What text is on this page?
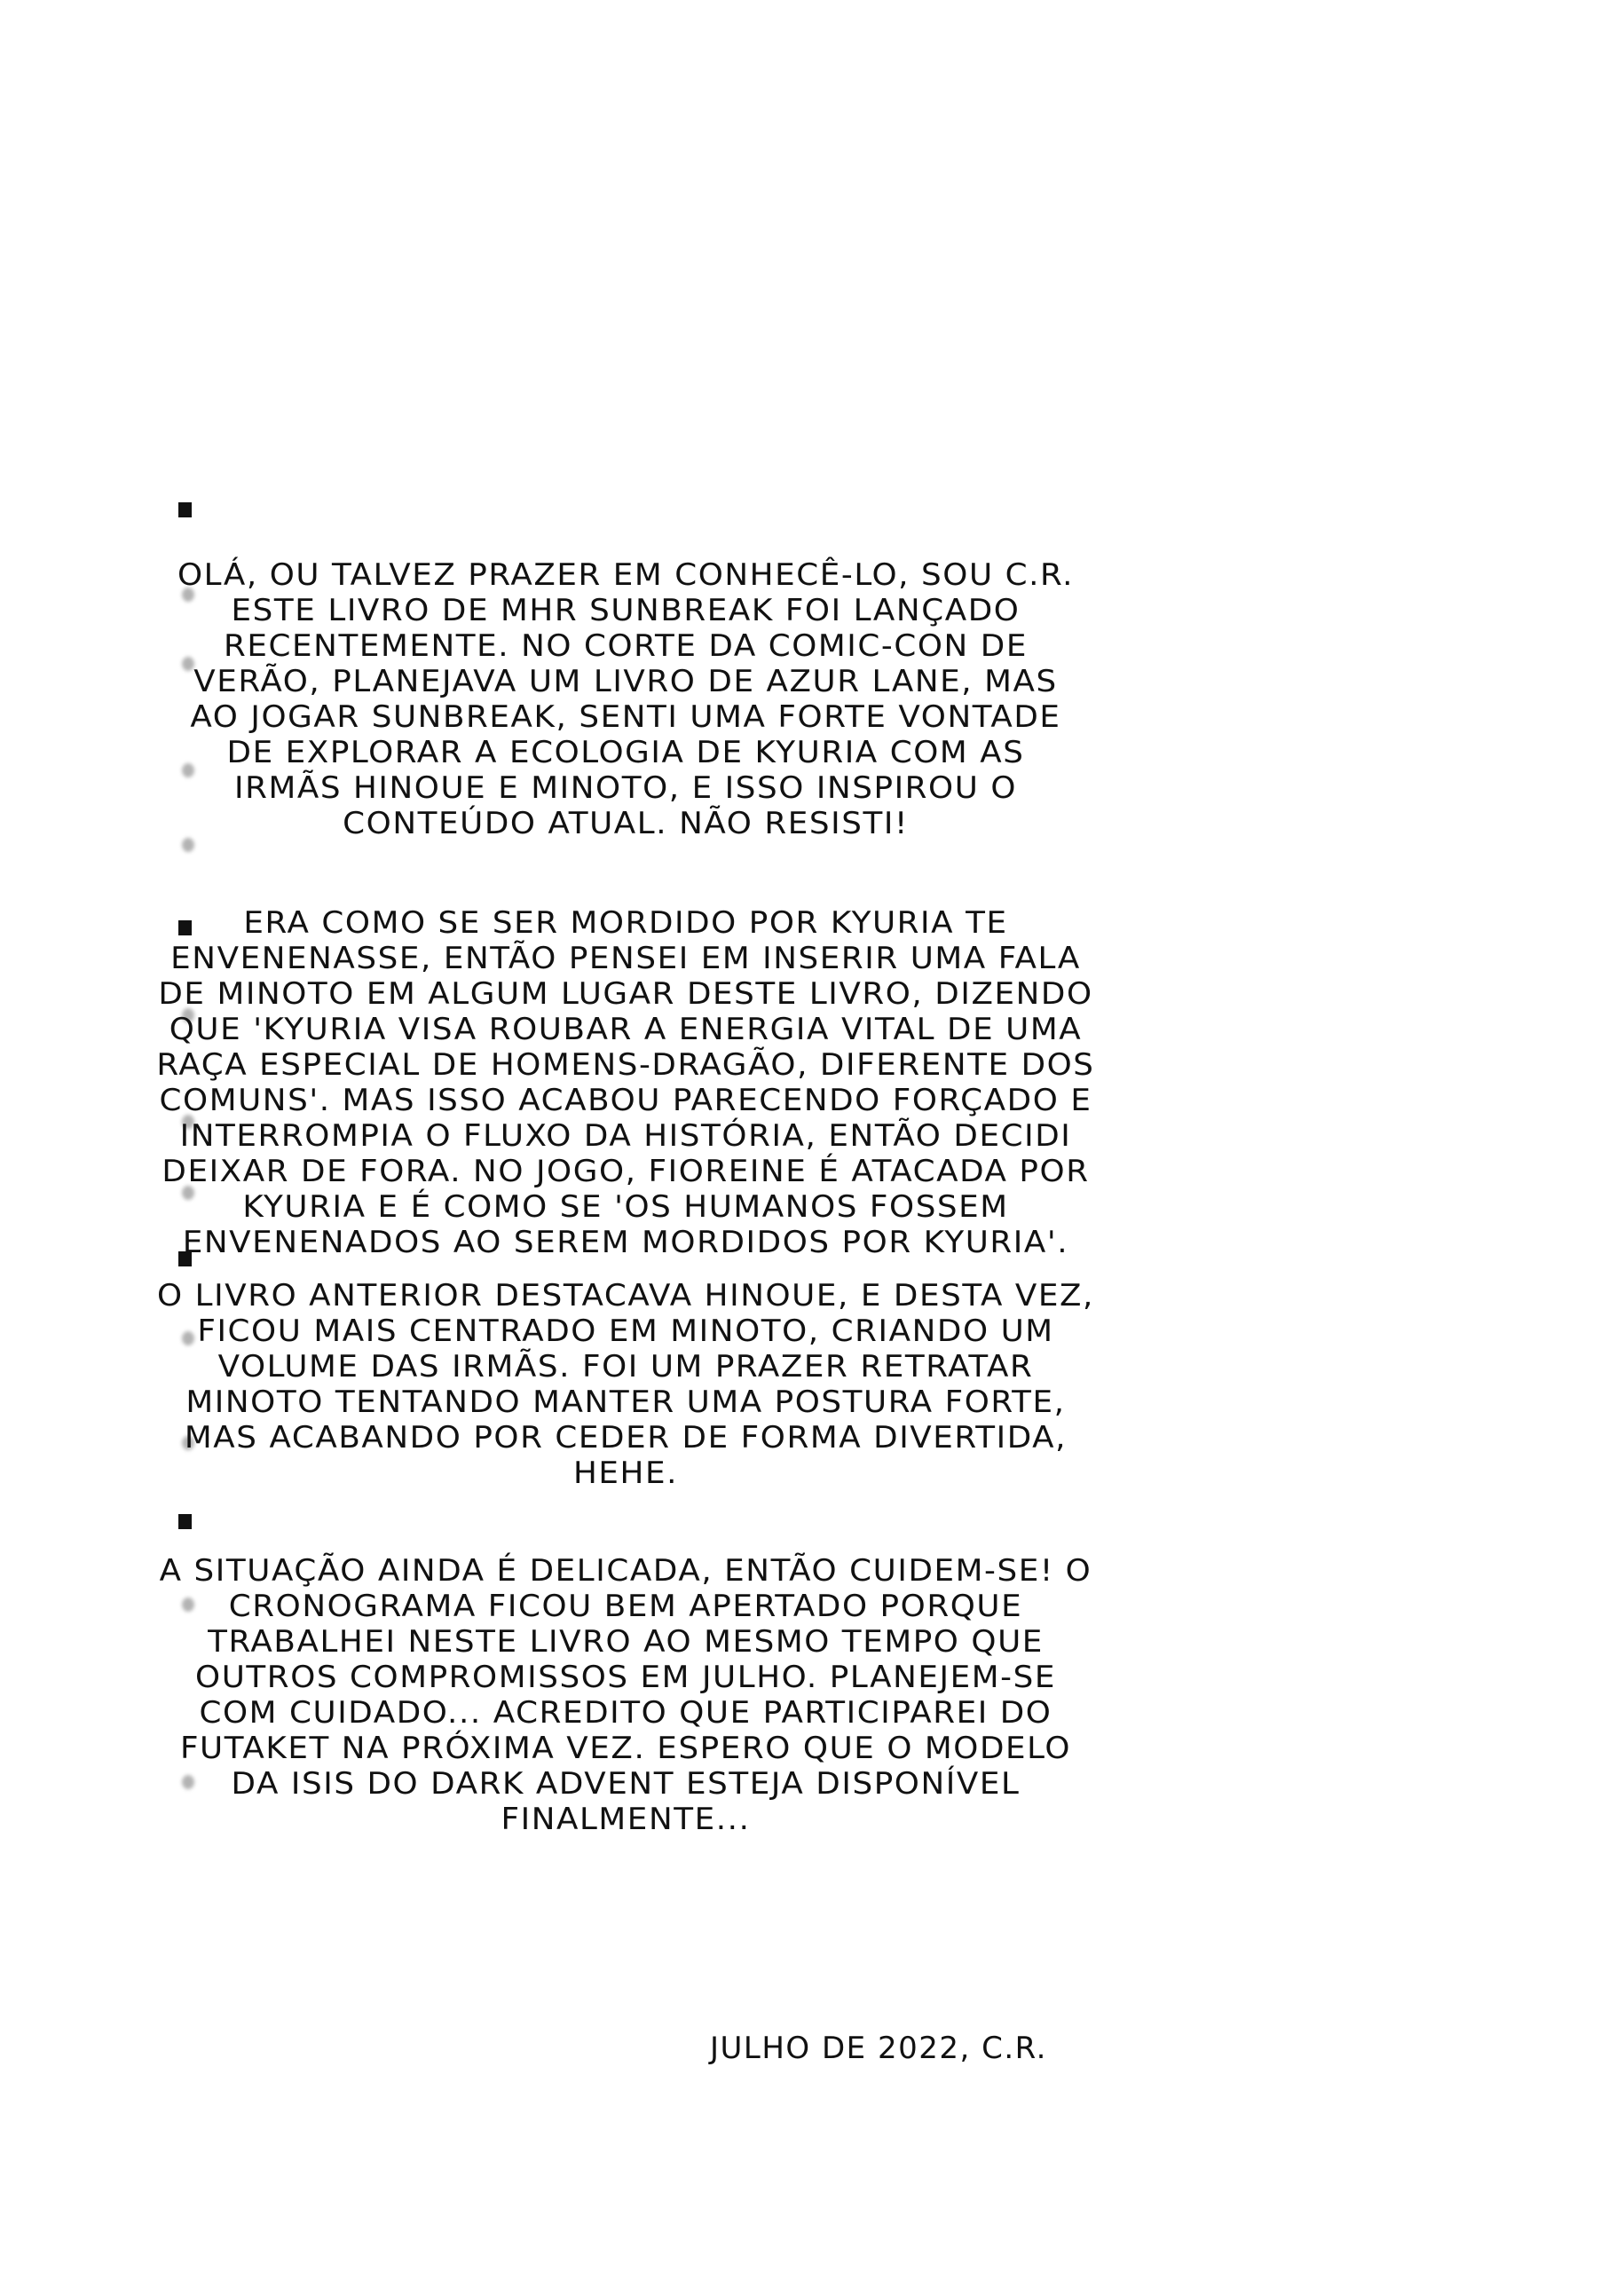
OLÁ, OU TALVEZ PRAZER EM CONHECÊ-LO, SOU C.R.
ESTE LIVRO DE MHR SUNBREAK FOI LANÇADO
RECENTEMENTE. NO CORTE DA COMIC-CON DE
VERÃO, PLANEJAVA UM LIVRO DE AZUR LANE, MAS
AO JOGAR SUNBREAK, SENTI UMA FORTE VONTADE
DE EXPLORAR A ECOLOGIA DE KYURIA COM AS
IRMÃS HINOUE E MINOTO, E ISSO INSPIROU O
CONTEÚDO ATUAL. NÃO RESISTI!
ERA COMO SE SER MORDIDO POR KYURIA TE
ENVENENASSE, ENTÃO PENSEI EM INSERIR UMA FALA
DE MINOTO EM ALGUM LUGAR DESTE LIVRO, DIZENDO
QUE 'KYURIA VISA ROUBAR A ENERGIA VITAL DE UMA
RAÇA ESPECIAL DE HOMENS-DRAGÃO, DIFERENTE DOS
COMUNS'. MAS ISSO ACABOU PARECENDO FORÇADO E
INTERROMPIA O FLUXO DA HISTÓRIA, ENTÃO DECIDI
DEIXAR DE FORA. NO JOGO, FIOREINE É ATACADA POR
KYURIA E É COMO SE 'OS HUMANOS FOSSEM
ENVENENADOS AO SEREM MORDIDOS POR KYURIA'.
O LIVRO ANTERIOR DESTACAVA HINOUE, E DESTA VEZ,
FICOU MAIS CENTRADO EM MINOTO, CRIANDO UM
VOLUME DAS IRMÃS. FOI UM PRAZER RETRATAR
MINOTO TENTANDO MANTER UMA POSTURA FORTE,
MAS ACABANDO POR CEDER DE FORMA DIVERTIDA,
HEHE.
A SITUAÇÃO AINDA É DELICADA, ENTÃO CUIDEM-SE! O
CRONOGRAMA FICOU BEM APERTADO PORQUE
TRABALHEI NESTE LIVRO AO MESMO TEMPO QUE
OUTROS COMPROMISSOS EM JULHO. PLANEJEM-SE
COM CUIDADO... ACREDITO QUE PARTICIPAREI DO
FUTAKET NA PRÓXIMA VEZ. ESPERO QUE O MODELO
DA ISIS DO DARK ADVENT ESTEJA DISPONÍVEL
FINALMENTE...
JULHO DE 2022, C.R.
